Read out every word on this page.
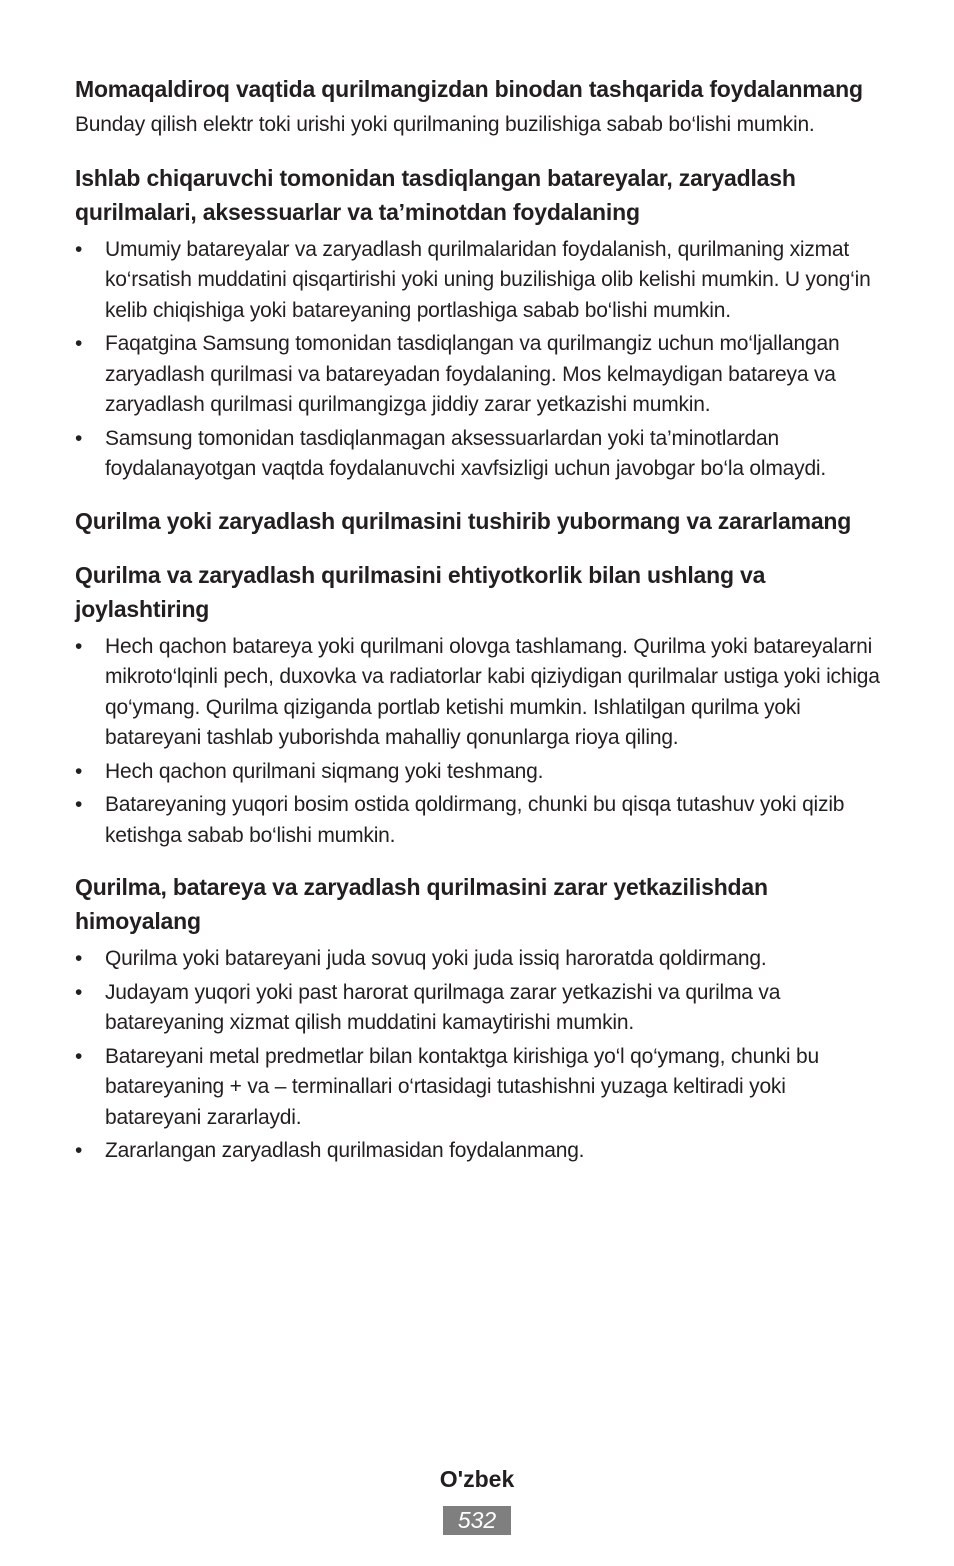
Momaqaldiroq vaqtida qurilmangizdan binodan tashqarida foydalanmang

Bunday qilish elektr toki urishi yoki qurilmaning buzilishiga sabab bo‘lishi mumkin.

Ishlab chiqaruvchi tomonidan tasdiqlangan batareyalar, zaryadlash qurilmalari, aksessuarlar va ta’minotdan foydalaning
•	Umumiy batareyalar va zaryadlash qurilmalaridan foydalanish, qurilmaning xizmat ko‘rsatish muddatini qisqartirishi yoki uning buzilishiga olib kelishi mumkin. U yong‘in kelib chiqishiga yoki batareyaning portlashiga sabab bo‘lishi mumkin.
•	Faqatgina Samsung tomonidan tasdiqlangan va qurilmangiz uchun mo‘ljallangan zaryadlash qurilmasi va batareyadan foydalaning. Mos kelmaydigan batareya va zaryadlash qurilmasi qurilmangizga jiddiy zarar yetkazishi mumkin.
•	Samsung tomonidan tasdiqlanmagan aksessuarlardan yoki ta’minotlardan foydalanayotgan vaqtda foydalanuvchi xavfsizligi uchun javobgar bo‘la olmaydi.
Qurilma yoki zaryadlash qurilmasini tushirib yubormang va zararlamang
Qurilma va zaryadlash qurilmasini ehtiyotkorlik bilan ushlang va joylashtiring
•	Hech qachon batareya yoki qurilmani olovga tashlamang. Qurilma yoki batareyalarni mikroto‘lqinli pech, duxovka va radiatorlar kabi qiziydigan qurilmalar ustiga yoki ichiga qo‘ymang. Qurilma qiziganda portlab ketishi mumkin. Ishlatilgan qurilma yoki batareyani tashlab yuborishda mahalliy qonunlarga rioya qiling.
•	Hech qachon qurilmani siqmang yoki teshmang.
•	Batareyaning yuqori bosim ostida qoldirmang, chunki bu qisqa tutashuv yoki qizib ketishga sabab bo‘lishi mumkin.
Qurilma, batareya va zaryadlash qurilmasini zarar yetkazilishdan himoyalang
•	Qurilma yoki batareyani juda sovuq yoki juda issiq haroratda qoldirmang.
•	Judayam yuqori yoki past harorat qurilmaga zarar yetkazishi va qurilma va batareyaning xizmat qilish muddatini kamaytirishi mumkin.
•	Batareyani metal predmetlar bilan kontaktga kirishiga yo‘l qo‘ymang, chunki bu batareyaning + va – terminallari o‘rtasidagi tutashishni yuzaga keltiradi yoki batareyani zararlaydi.
•	Zararlangan zaryadlash qurilmasidan foydalanmang.
O'zbek
532
